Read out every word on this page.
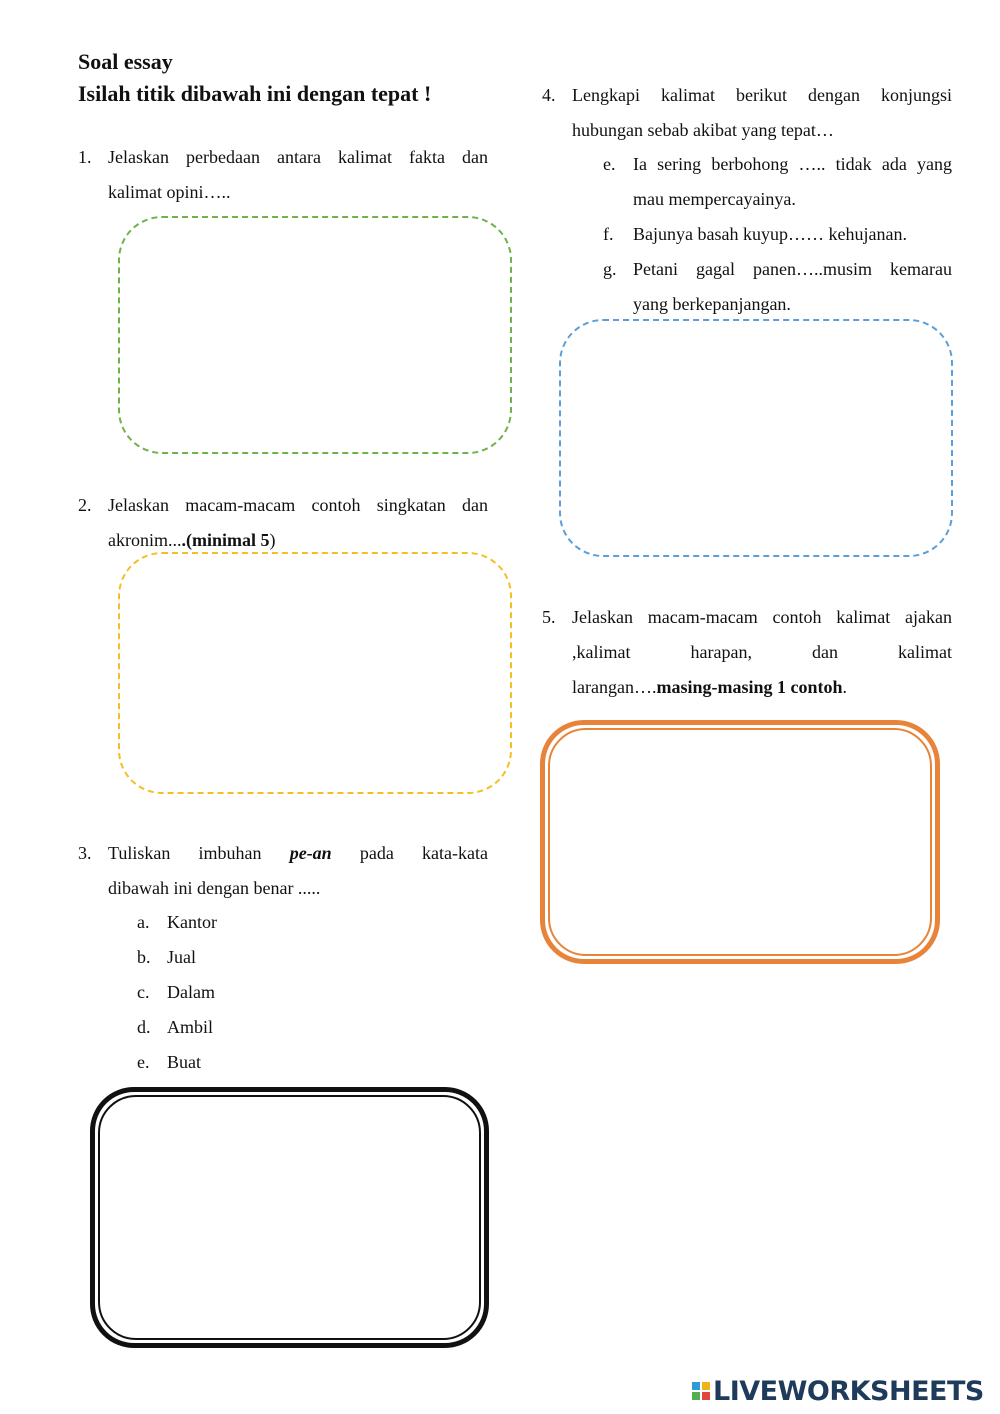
Soal essay
Isilah titik dibawah ini dengan tepat !
1. Jelaskan perbedaan antara kalimat fakta dan
kalimat opini…..
2. Jelaskan macam-macam contoh singkatan dan
akronim....(minimal 5)
3. Tuliskan imbuhan pe-an pada kata-kata
dibawah ini dengan benar .....
a. Kantor
b. Jual
c. Dalam
d. Ambil
e. Buat
4. Lengkapi kalimat berikut dengan konjungsi
hubungan sebab akibat yang tepat…
e. Ia sering berbohong ….. tidak ada yang
mau mempercayainya.
f. Bajunya basah kuyup…… kehujanan.
g. Petani gagal panen…..musim kemarau
yang berkepanjangan.
5. Jelaskan macam-macam contoh kalimat ajakan
,kalimat harapan, dan kalimat
larangan….masing-masing 1 contoh.
LIVEWORKSHEETS
